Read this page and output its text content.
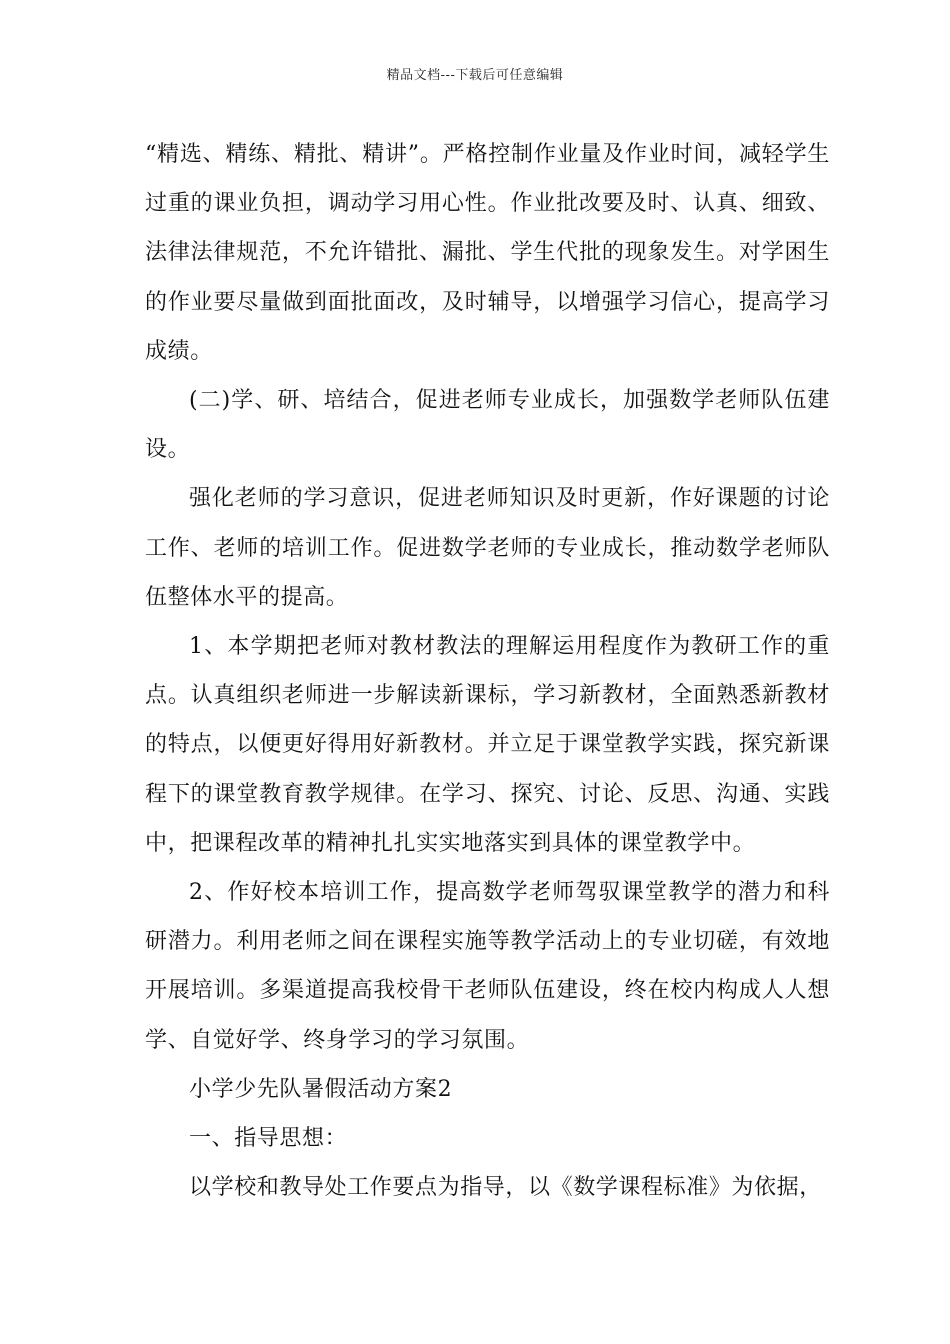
精品文档---下载后可任意编辑

“精选、精练、精批、精讲”。严格控制作业量及作业时间，减轻学生过重的课业负担，调动学习用心性。作业批改要及时、认真、细致、法律法律规范，不允许错批、漏批、学生代批的现象发生。对学困生的作业要尽量做到面批面改，及时辅导，以增强学习信心，提高学习成绩。

(二)学、研、培结合，促进老师专业成长，加强数学老师队伍建设。

强化老师的学习意识，促进老师知识及时更新，作好课题的讨论工作、老师的培训工作。促进数学老师的专业成长，推动数学老师队伍整体水平的提高。

1、本学期把老师对教材教法的理解运用程度作为教研工作的重点。认真组织老师进一步解读新课标，学习新教材，全面熟悉新教材的特点，以便更好得用好新教材。并立足于课堂教学实践，探究新课程下的课堂教育教学规律。在学习、探究、讨论、反思、沟通、实践中，把课程改革的精神扎扎实实地落实到具体的课堂教学中。

2、作好校本培训工作，提高数学老师驾驭课堂教学的潜力和科研潜力。利用老师之间在课程实施等教学活动上的专业切磋，有效地开展培训。多渠道提高我校骨干老师队伍建设，终在校内构成人人想学、自觉好学、终身学习的学习氛围。

小学少先队暑假活动方案2

一、指导思想：

以学校和教导处工作要点为指导，以《数学课程标准》为依据，
